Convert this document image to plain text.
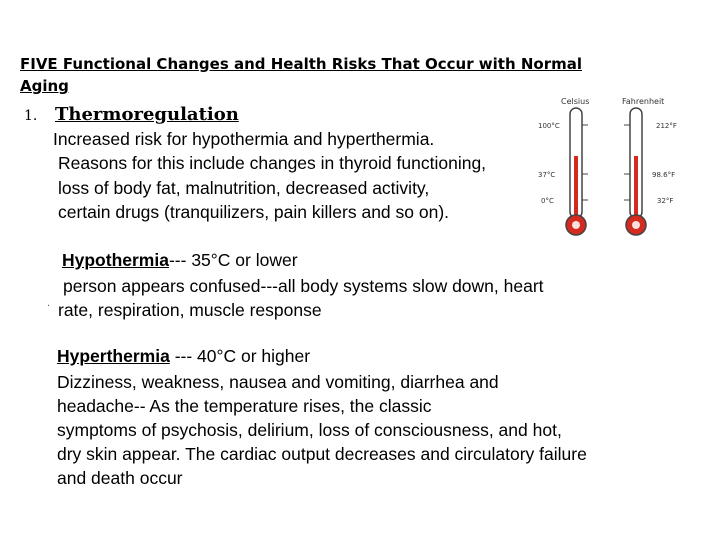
FIVE Functional Changes and Health Risks That Occur with Normal
Aging
1. Thermoregulation
Increased risk for hypothermia and hyperthermia.
Reasons for this include changes in thyroid functioning,
loss of body fat, malnutrition, decreased activity,
certain drugs (tranquilizers, pain killers and so on).
Celsius	Fahrenheit
100°C
37°C
0°C
212°F
98.6°F
32°F
Hypothermia--- 35°C or lower
person appears confused---all body systems slow down, heart
. rate, respiration, muscle response
Hyperthermia --- 40°C or higher
Dizziness, weakness, nausea and vomiting, diarrhea and
headache-- As the temperature rises, the classic
symptoms of psychosis, delirium, loss of consciousness, and hot,
dry skin appear. The cardiac output decreases and circulatory failure
and death occur
